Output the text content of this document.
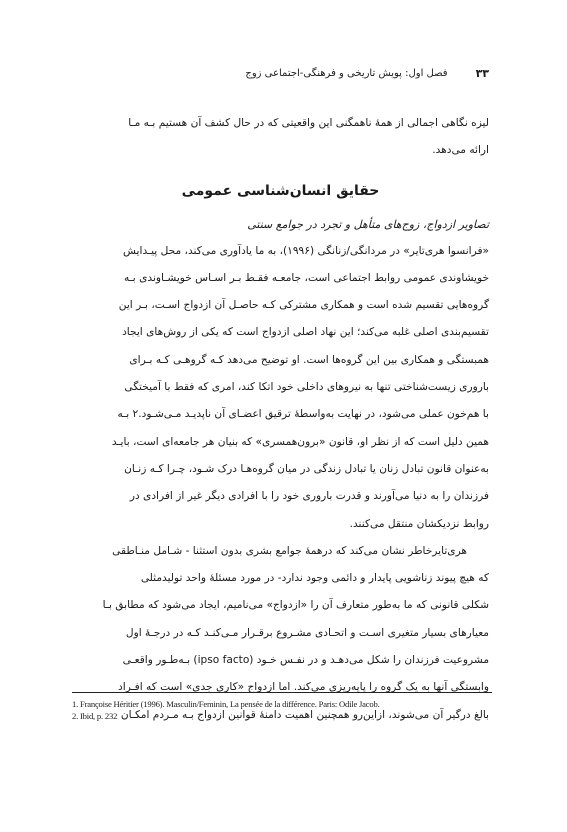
۳۳
فصل اول: پویش تاریخی و فرهنگی-اجتماعی زوج

لیزه نگاهی اجمالی از همهٔ ناهمگنی این واقعیتی که در حال کشف آن هستیم بـه مـا

ارائه می‌دهد.

حقایق انسان‌شناسی عمومی

تصاویر ازدواج، زوج‌های متأهل و تجرد در جوامع سنتی

«فرانسوا هری‌تایر» در مردانگی/زنانگی (۱۹۹۶)، به ما یادآوری می‌کند، محل پیـدایش

خویشاوندی عمومی روابط اجتماعی است، جامعـه فقـط بـر اسـاس خویشـاوندی بـه

گروه‌هایی تقسیم شده است و همکاری مشترکی کـه حاصـل آن ازدواج اسـت، بـر این

تقسیم‌بندی اصلی غلبه می‌کند؛ این نهاد اصلی ازدواج است که یکی از روش‌های ایجاد

همبستگی و همکاری بین این گروه‌ها است. او توضیح می‌دهد کـه گروهـی کـه بـرای

باروری زیست‌شناختی تنها به نیروهای داخلی خود اتکا کند، امری که فقط با آمیختگی

با هم‌خون عملی می‌شود، در نهایت به‌واسطهٔ ترقیق اعضـای آن ناپدیـد مـی‌شـود.۲ بـه

همین دلیل است که از نظر او، قانون «برون‌همسری» که بنیان هر جامعه‌ای است، بایـد

به‌عنوان قانون تبادل زنان یا تبادل زندگی در میان گروه‌هـا درک شـود، چـرا کـه زنـان

فرزندان را به دنیا می‌آورند و قدرت باروری خود را با افرادی دیگر غیر از افرادی در

روابط نزدیکشان منتقل می‌کنند.

هری‌تایرخاطر نشان می‌کند که درهمهٔ جوامع بشری بدون استثنا - شـامل منـاطقی

که هیچ پیوند زناشویی پایدار و دائمی وجود ندارد- در مورد مسئلهٔ واحد تولیدمثلی

شکلی قانونی که ما به‌طور متعارف آن را «ازدواج» می‌نامیم، ایجاد می‌شود که مطابق بـا

معیارهای بسیار متغیری اسـت و اتحـادی مشـروع برقـرار مـی‌کنـد کـه در درجـهٔ اول

مشروعیت فرزندان را شکل می‌دهـد و در نفـس خـود (ipso facto) بـه‌طـور واقعـی

وابستگی آنها به یک گروه را پایه‌ریزی می‌کند. اما ازدواج «کاری جدی» است که افـراد

بالغ درگیر آن می‌شوند، ازاین‌رو همچنین اهمیت دامنهٔ قوانین ازدواج بـه مـردم امکـان

1. Françoise Héritier (1996). Masculin/Feminin, La pensée de la différence. Paris: Odile Jacob.
2. Ibid, p. 232
